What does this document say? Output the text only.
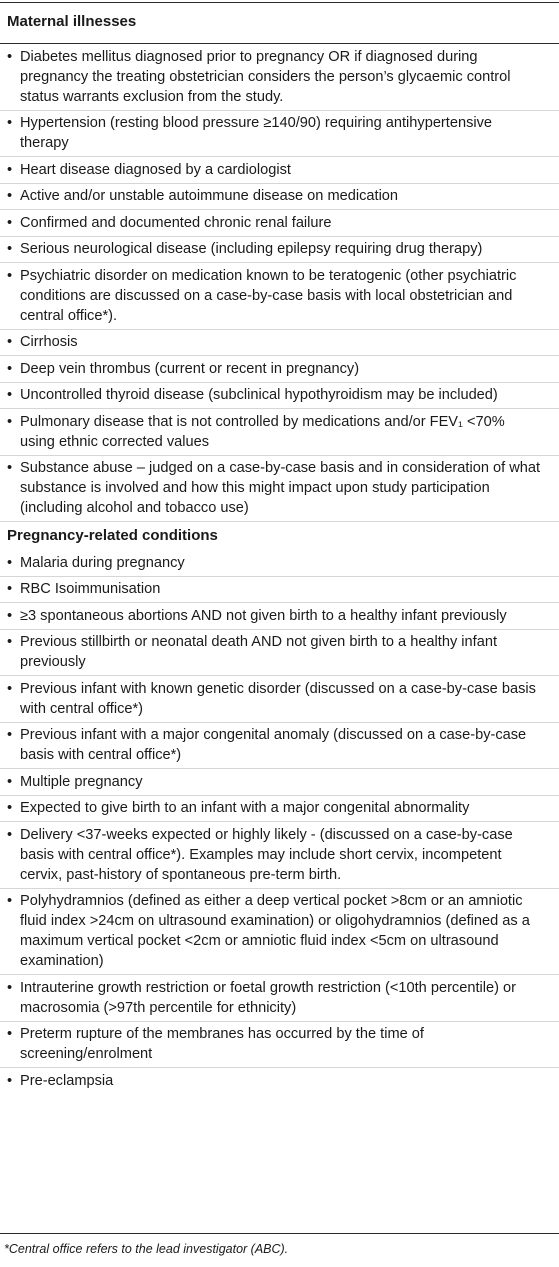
Maternal illnesses
• Diabetes mellitus diagnosed prior to pregnancy OR if diagnosed during pregnancy the treating obstetrician considers the person’s glycaemic control status warrants exclusion from the study.
• Hypertension (resting blood pressure ≥140/90) requiring antihypertensive therapy
• Heart disease diagnosed by a cardiologist
• Active and/or unstable autoimmune disease on medication
• Confirmed and documented chronic renal failure
• Serious neurological disease (including epilepsy requiring drug therapy)
• Psychiatric disorder on medication known to be teratogenic (other psychiatric conditions are discussed on a case-by-case basis with local obstetrician and central office*).
• Cirrhosis
• Deep vein thrombus (current or recent in pregnancy)
• Uncontrolled thyroid disease (subclinical hypothyroidism may be included)
• Pulmonary disease that is not controlled by medications and/or FEV₁ <70% using ethnic corrected values
• Substance abuse – judged on a case-by-case basis and in consideration of what substance is involved and how this might impact upon study participation (including alcohol and tobacco use)
Pregnancy-related conditions
• Malaria during pregnancy
• RBC Isoimmunisation
• ≥3 spontaneous abortions AND not given birth to a healthy infant previously
• Previous stillbirth or neonatal death AND not given birth to a healthy infant previously
• Previous infant with known genetic disorder (discussed on a case-by-case basis with central office*)
• Previous infant with a major congenital anomaly (discussed on a case-by-case basis with central office*)
• Multiple pregnancy
• Expected to give birth to an infant with a major congenital abnormality
• Delivery <37-weeks expected or highly likely - (discussed on a case-by-case basis with central office*). Examples may include short cervix, incompetent cervix, past-history of spontaneous pre-term birth.
• Polyhydramnios (defined as either a deep vertical pocket >8cm or an amniotic fluid index >24cm on ultrasound examination) or oligohydramnios (defined as a maximum vertical pocket <2cm or amniotic fluid index <5cm on ultrasound examination)
• Intrauterine growth restriction or foetal growth restriction (<10th percentile) or macrosomia (>97th percentile for ethnicity)
• Preterm rupture of the membranes has occurred by the time of screening/enrolment
• Pre-eclampsia
*Central office refers to the lead investigator (ABC).
